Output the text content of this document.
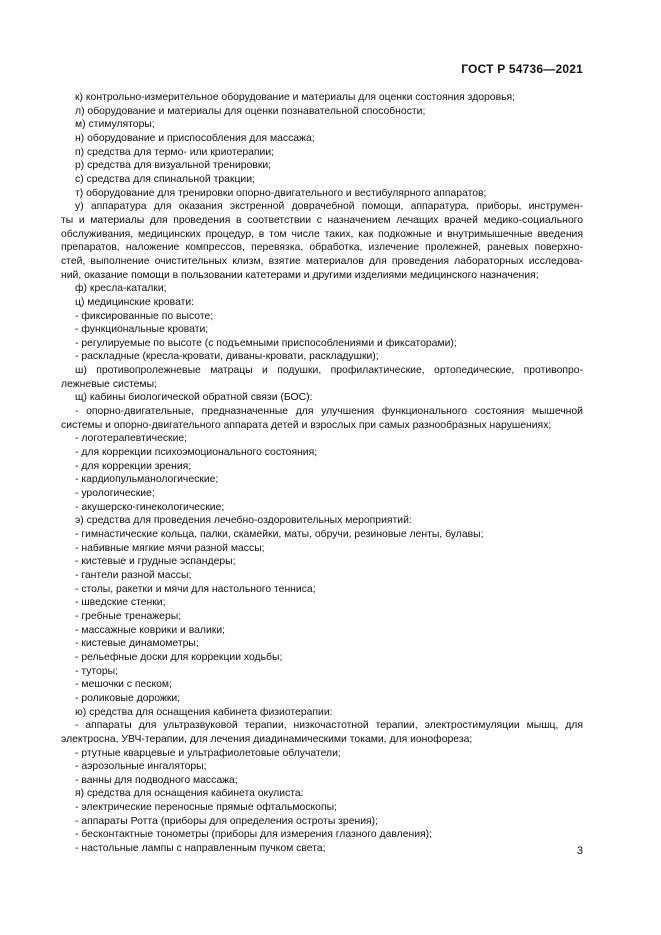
ГОСТ Р 54736—2021
к) контрольно-измерительное оборудование и материалы для оценки состояния здоровья;
л) оборудование и материалы для оценки познавательной способности;
м) стимуляторы;
н) оборудование и приспособления для массажа;
п) средства для термо- или криотерапии;
р) средства для визуальной тренировки;
с) средства для спинальной тракции;
т) оборудование для тренировки опорно-двигательного и вестибулярного аппаратов;
у) аппаратура для оказания экстренной доврачебной помощи, аппаратура, приборы, инструмен-
ты и материалы для проведения в соответствии с назначением лечащих врачей медико-социального
обслуживания, медицинских процедур, в том числе таких, как подкожные и внутримышечные введения
препаратов, наложение компрессов, перевязка, обработка, излечение пролежней, раневых поверхно-
стей, выполнение очистительных клизм, взятие материалов для проведения лабораторных исследова-
ний, оказание помощи в пользовании катетерами и другими изделиями медицинского назначения;
ф) кресла-каталки;
ц) медицинские кровати:
- фиксированные по высоте;
- функциональные кровати;
- регулируемые по высоте (с подъемными приспособлениями и фиксаторами);
- раскладные (кресла-кровати, диваны-кровати, раскладушки);
ш) противопролежневые матрацы и подушки, профилактические, ортопедические, противопро-
лежневые системы;
щ) кабины биологической обратной связи (БОС):
- опорно-двигательные, предназначенные для улучшения функционального состояния мышечной
системы и опорно-двигательного аппарата детей и взрослых при самых разнообразных нарушениях;
- логотерапевтические;
- для коррекции психоэмоционального состояния;
- для коррекции зрения;
- кардиопульманологические;
- урологические;
- акушерско-гинекологические;
э) средства для проведения лечебно-оздоровительных мероприятий:
- гимнастические кольца, палки, скамейки, маты, обручи, резиновые ленты, булавы;
- набивные мягкие мячи разной массы;
- кистевые и грудные эспандеры;
- гантели разной массы;
- столы, ракетки и мячи для настольного тенниса;
- шведские стенки;
- гребные тренажеры;
- массажные коврики и валики;
- кистевые динамометры;
- рельефные доски для коррекции ходьбы;
- туторы;
- мешочки с песком;
- роликовые дорожки;
ю) средства для оснащения кабинета физиотерапии:
- аппараты для ультразвуковой терапии, низкочастотной терапии, электростимуляции мышц, для
электросна, УВЧ-терапии, для лечения диадинамическими токами, для ионофореза;
- ртутные кварцевые и ультрафиолетовые облучатели;
- аэрозольные ингаляторы;
- ванны для подводного массажа;
я) средства для оснащения кабинета окулиста:
- электрические переносные прямые офтальмоскопы;
- аппараты Ротта (приборы для определения остроты зрения);
- бесконтактные тонометры (приборы для измерения глазного давления);
- настольные лампы с направленным пучком света;	3
